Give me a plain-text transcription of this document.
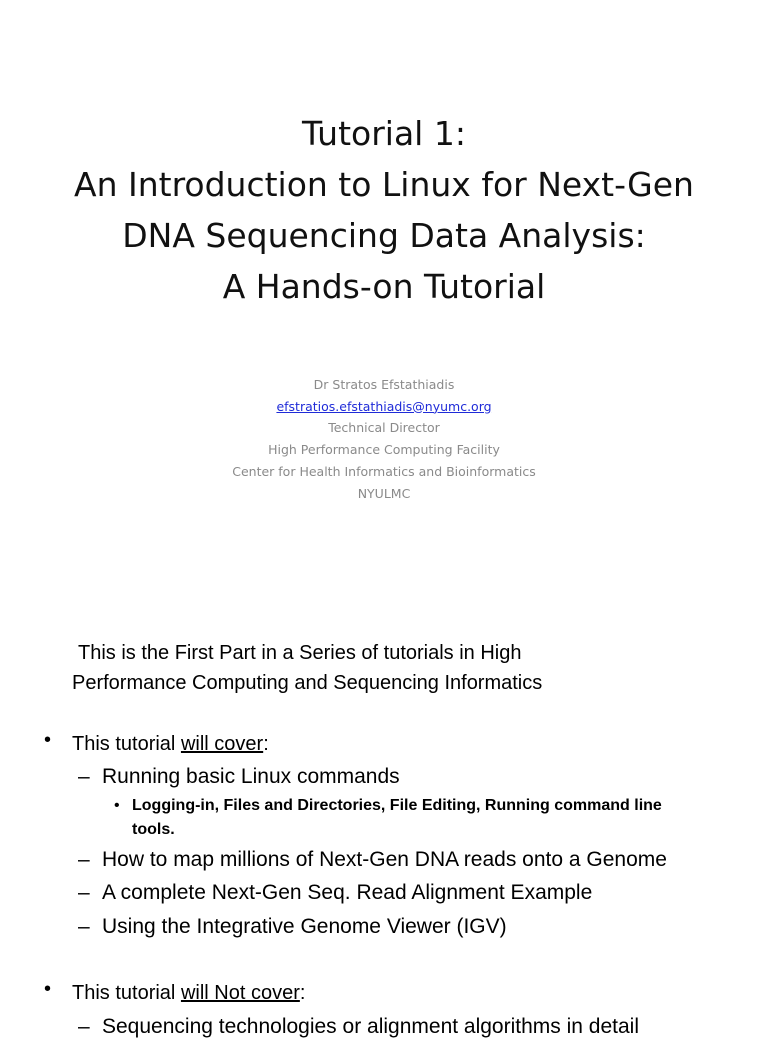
Tutorial 1:
An Introduction to Linux for Next-Gen
DNA Sequencing Data Analysis:
A Hands-on Tutorial
Dr Stratos Efstathiadis
efstratios.efstathiadis@nyumc.org
Technical Director
High Performance Computing Facility
Center for Health Informatics and Bioinformatics
NYULMC
This is the First Part in a Series of tutorials in High
Performance Computing and Sequencing Informatics
• This tutorial will cover:
– Running basic Linux commands
• Logging-in, Files and Directories, File Editing, Running command line
tools.
– How to map millions of Next-Gen DNA reads onto a Genome
– A complete Next-Gen Seq. Read Alignment Example
– Using the Integrative Genome Viewer (IGV)
• This tutorial will Not cover:
– Sequencing technologies or alignment algorithms in detail
